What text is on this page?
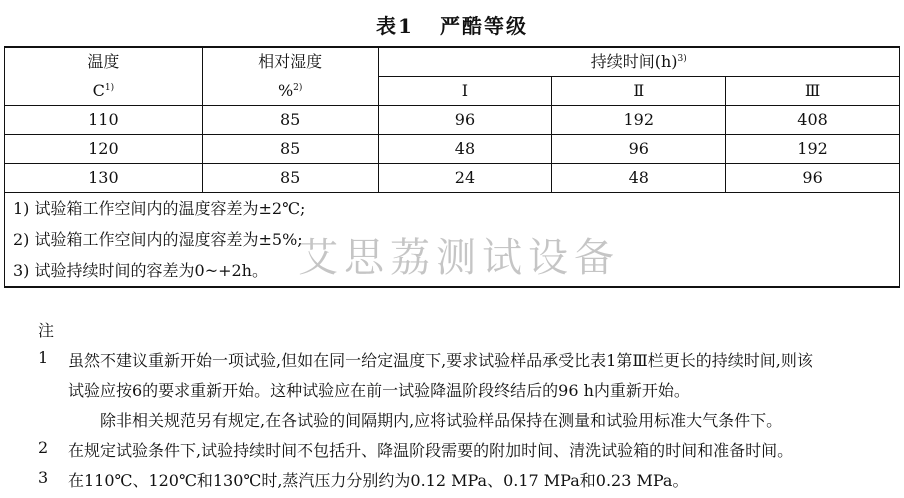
表1 严酷等级
温度	相对湿度	持续时间$(h)^{3)}$
$C^{1)}$	%$^{2)}$	I	Ⅱ	Ⅲ
110	85	96	192	408
120	85	48	96	192
130	85	24	48	96
1) 试验箱工作空间内的温度容差为±2℃;				
2) 试验箱工作空间内的湿度容差为±5%;				
3) 试验持续时间的容差为0~+2h。				
注
1 虽然不建议重新开始一项试验,但如在同一给定温度下,要求试验样品承受比表1第Ⅲ栏更长的持续时间,则该
试验应按6的要求重新开始。这种试验应在前一试验降温阶段终结后的96 h内重新开始。
除非相关规范另有规定,在各试验的间隔期内,应将试验样品保持在测量和试验用标准大气条件下。
2 在规定试验条件下,试验持续时间不包括升、降温阶段需要的附加时间、清洗试验箱的时间和准备时间。
3 在110℃、120℃和130℃时,蒸汽压力分别约为0.12 MPa、0.17 MPa和0.23 MPa。
艾思荔测试设备
